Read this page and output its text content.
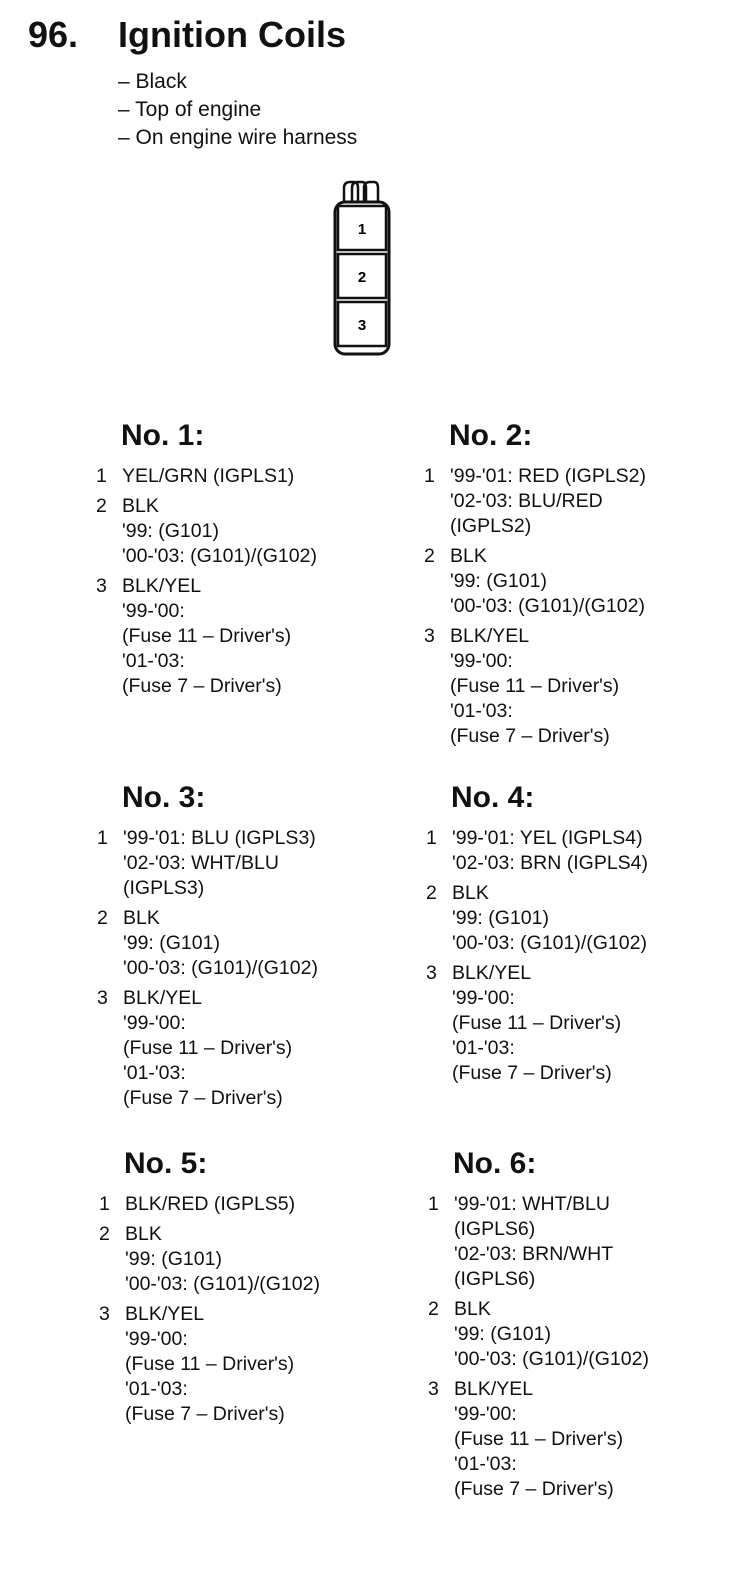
96. Ignition Coils
– Black
– Top of engine
– On engine wire harness
1
2
3
No. 1:
1 YEL/GRN (IGPLS1)
2 BLK
'99: (G101)
'00-'03: (G101)/(G102)
3 BLK/YEL
'99-'00:
(Fuse 11 – Driver's)
'01-'03:
(Fuse 7 – Driver's)
No. 2:
1 '99-'01: RED (IGPLS2)
'02-'03: BLU/RED
(IGPLS2)
2 BLK
'99: (G101)
'00-'03: (G101)/(G102)
3 BLK/YEL
'99-'00:
(Fuse 11 – Driver's)
'01-'03:
(Fuse 7 – Driver's)
No. 3:
1 '99-'01: BLU (IGPLS3)
'02-'03: WHT/BLU
(IGPLS3)
2 BLK
'99: (G101)
'00-'03: (G101)/(G102)
3 BLK/YEL
'99-'00:
(Fuse 11 – Driver's)
'01-'03:
(Fuse 7 – Driver's)
No. 4:
1 '99-'01: YEL (IGPLS4)
'02-'03: BRN (IGPLS4)
2 BLK
'99: (G101)
'00-'03: (G101)/(G102)
3 BLK/YEL
'99-'00:
(Fuse 11 – Driver's)
'01-'03:
(Fuse 7 – Driver's)
No. 5:
1 BLK/RED (IGPLS5)
2 BLK
'99: (G101)
'00-'03: (G101)/(G102)
3 BLK/YEL
'99-'00:
(Fuse 11 – Driver's)
'01-'03:
(Fuse 7 – Driver's)
No. 6:
1 '99-'01: WHT/BLU
(IGPLS6)
'02-'03: BRN/WHT
(IGPLS6)
2 BLK
'99: (G101)
'00-'03: (G101)/(G102)
3 BLK/YEL
'99-'00:
(Fuse 11 – Driver's)
'01-'03:
(Fuse 7 – Driver's)
